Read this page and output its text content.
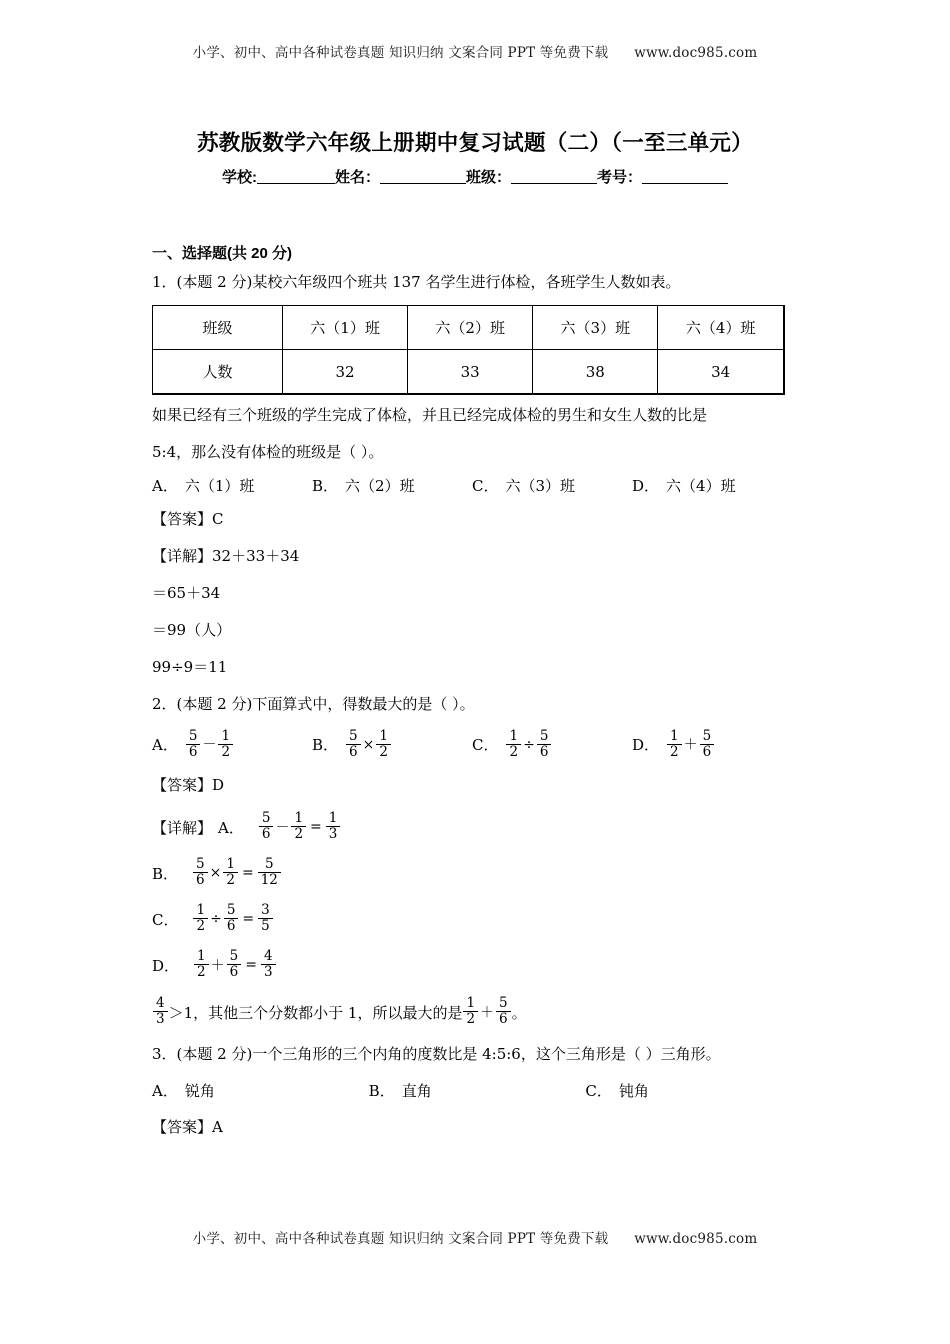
小学、初中、高中各种试卷真题 知识归纳 文案合同 PPT 等免费下载 www.doc985.com
苏教版数学六年级上册期中复习试题（二）（一至三单元）
学校:	姓名：	班级：	考号：

一、选择题(共 20 分)

1．(本题 2 分)某校六年级四个班共 137 名学生进行体检，各班学生人数如表。

班级	六（1）班	六（2）班	六（3）班	六（4）班
人数	32	33	38	34

如果已经有三个班级的学生完成了体检，并且已经完成体检的男生和女生人数的比是

5:4，那么没有体检的班级是（ ）。

A． 六（1）班	B． 六（2）班	C． 六（3）班	D． 六（4）班

【答案】C

【详解】32＋33＋34

＝65＋34

＝99（人）

99÷9＝11

2．(本题 2 分)下面算式中，得数最大的是（ ）。

A． $\frac{5}{6} - \frac{1}{2}$	B． $\frac{5}{6} \times \frac{1}{2}$	C． $\frac{1}{2} \div \frac{5}{6}$	D． $\frac{1}{2} + \frac{5}{6}$

【答案】D

【详解】 A． $\frac{5}{6} - \frac{1}{2} = \frac{1}{3}$
B． $\frac{5}{6} \times \frac{1}{2} = \frac{5}{12}$
C． $\frac{1}{2} \div \frac{5}{6} = \frac{3}{5}$
D． $\frac{1}{2} + \frac{5}{6} = \frac{4}{3}$
$\frac{4}{3} >1$，其他三个分数都小于 1，所以最大的是 $\frac{1}{2} + \frac{5}{6}$ 。

3．(本题 2 分)一个三角形的三个内角的度数比是 4:5:6，这个三角形是（ ）三角形。

A． 锐角	B． 直角	C． 钝角

【答案】A

小学、初中、高中各种试卷真题 知识归纳 文案合同 PPT 等免费下载 www.doc985.com
